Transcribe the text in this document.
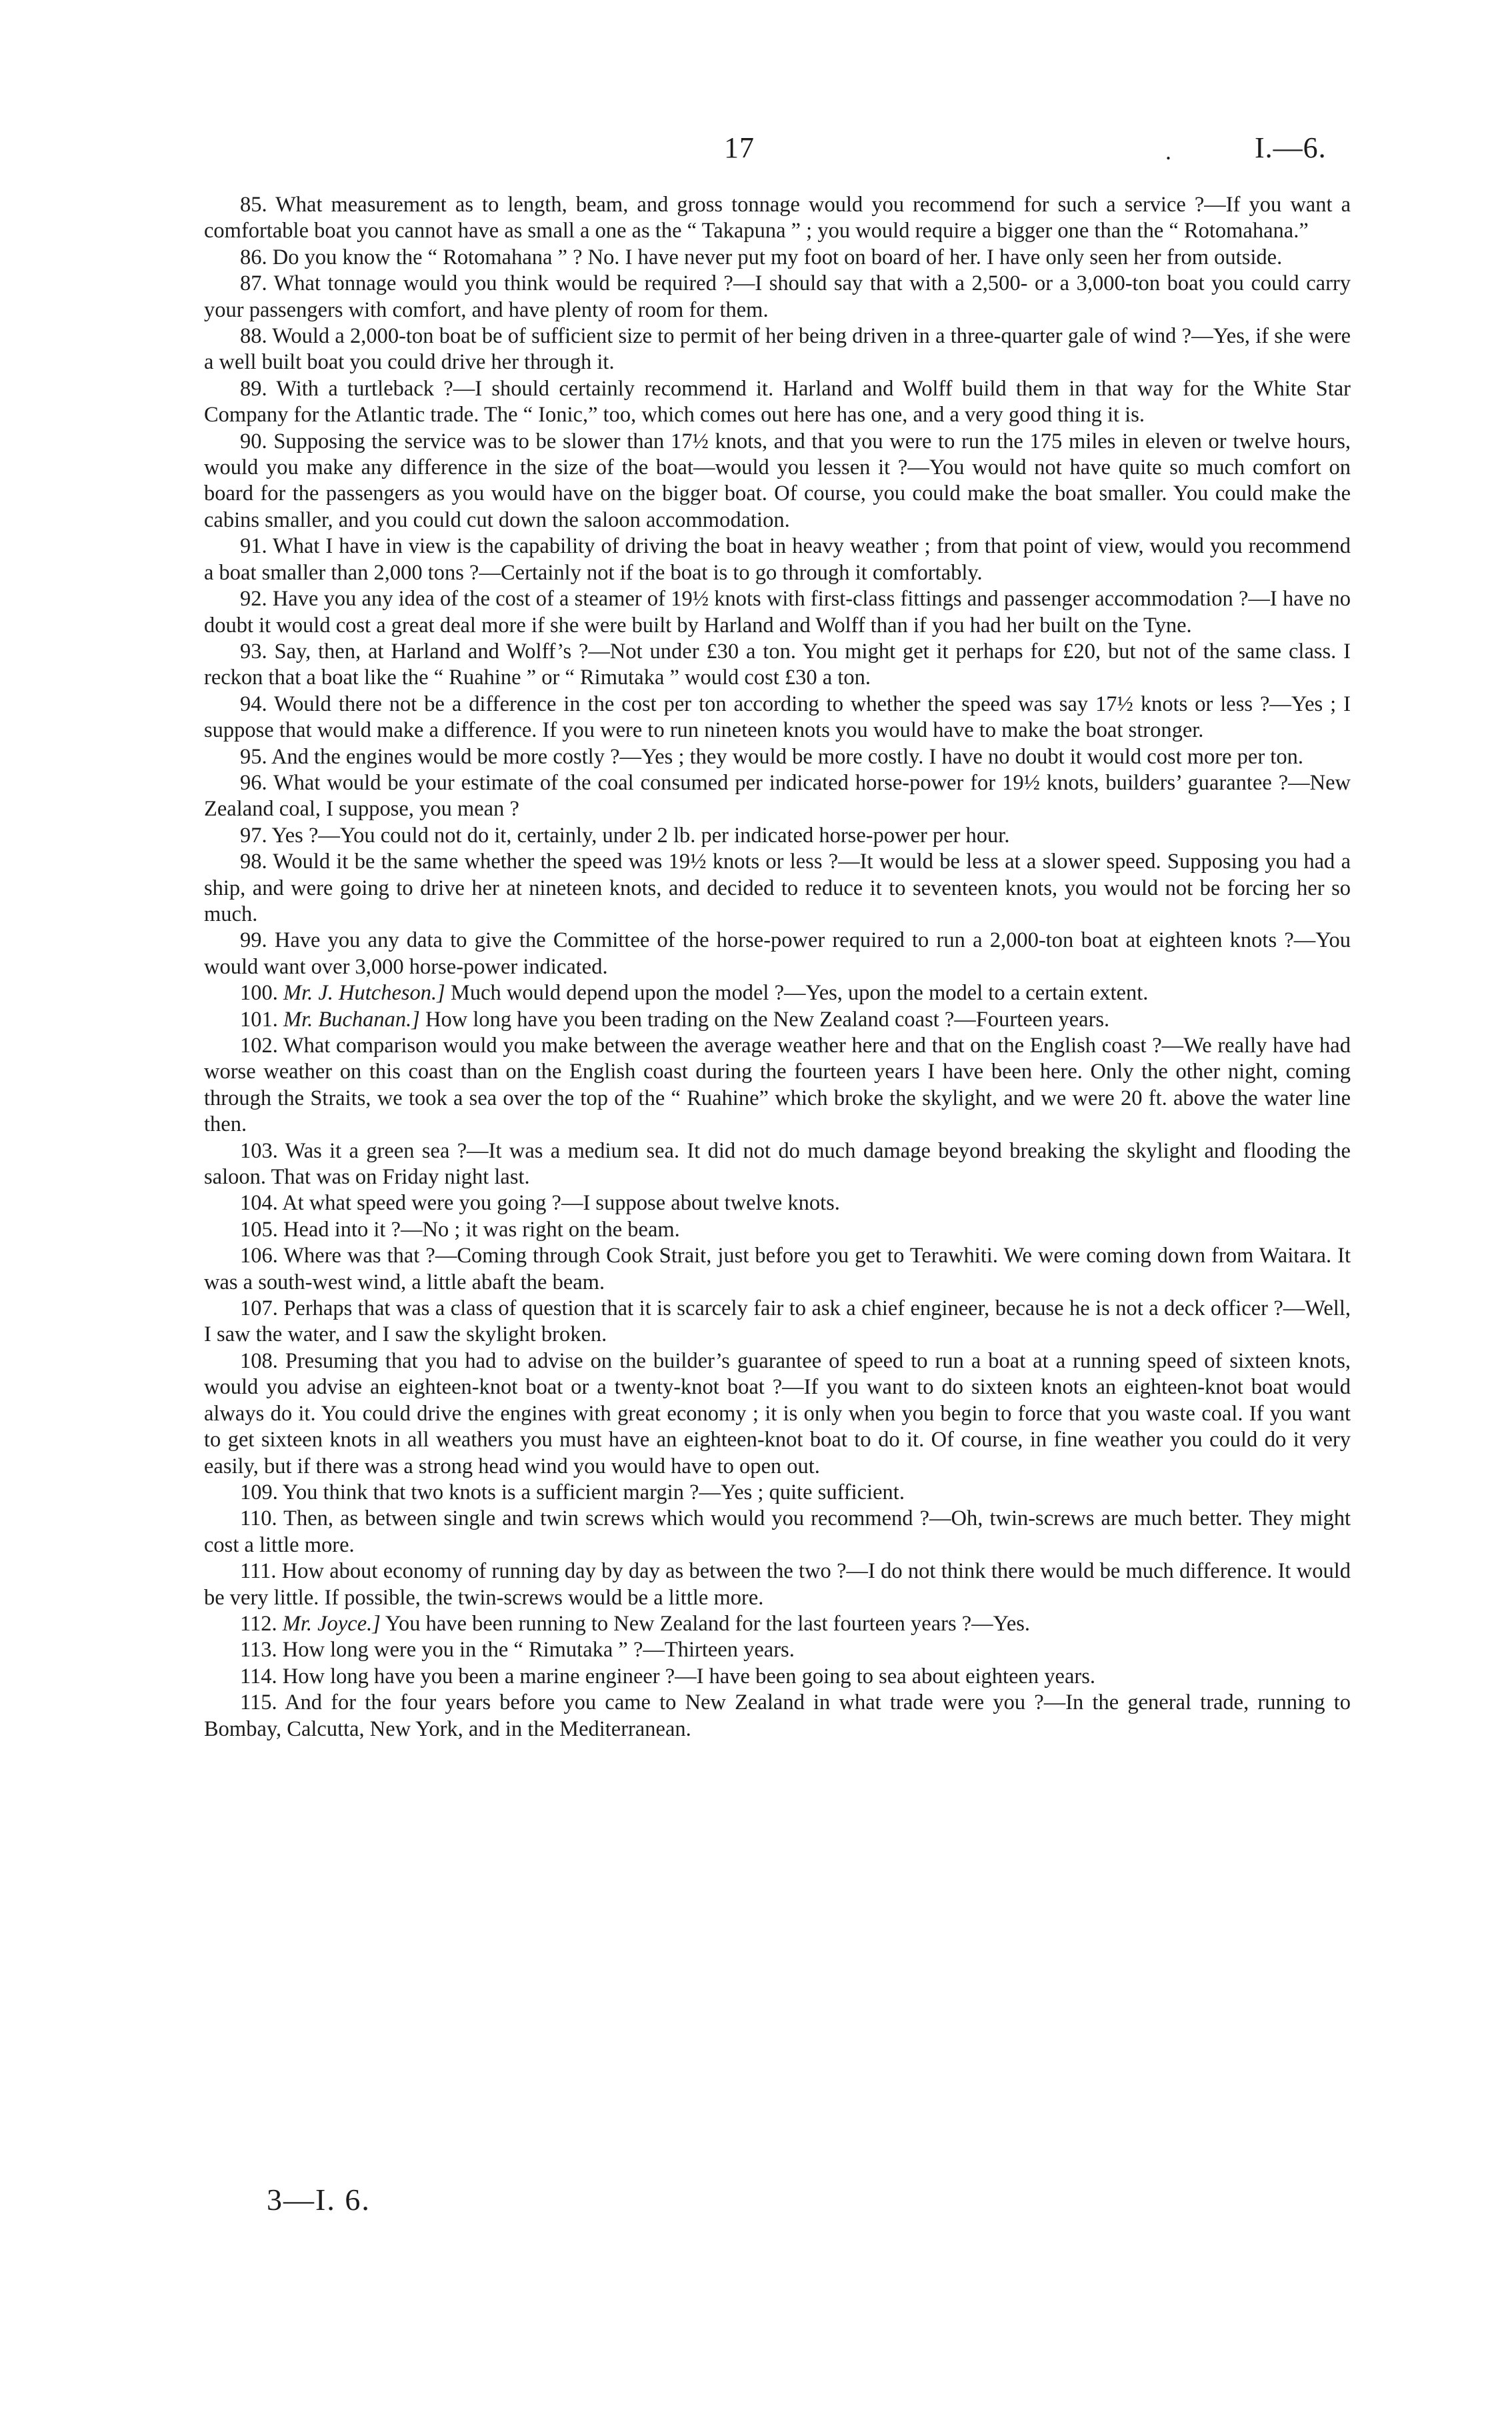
17	.	I.—6.

85. What measurement as to length, beam, and gross tonnage would you recommend for such a service ?—If you want a comfortable boat you cannot have as small a one as the “ Takapuna ” ; you would require a bigger one than the “ Rotomahana.”

86. Do you know the “ Rotomahana ” ? No. I have never put my foot on board of her. I have only seen her from outside.

87. What tonnage would you think would be required ?—I should say that with a 2,500- or a 3,000-ton boat you could carry your passengers with comfort, and have plenty of room for them.

88. Would a 2,000-ton boat be of sufficient size to permit of her being driven in a three-quarter gale of wind ?—Yes, if she were a well built boat you could drive her through it.

89. With a turtleback ?—I should certainly recommend it. Harland and Wolff build them in that way for the White Star Company for the Atlantic trade. The “ Ionic,” too, which comes out here has one, and a very good thing it is.

90. Supposing the service was to be slower than 17½ knots, and that you were to run the 175 miles in eleven or twelve hours, would you make any difference in the size of the boat—would you lessen it ?—You would not have quite so much comfort on board for the passengers as you would have on the bigger boat. Of course, you could make the boat smaller. You could make the cabins smaller, and you could cut down the saloon accommodation.

91. What I have in view is the capability of driving the boat in heavy weather ; from that point of view, would you recommend a boat smaller than 2,000 tons ?—Certainly not if the boat is to go through it comfortably.

92. Have you any idea of the cost of a steamer of 19½ knots with first-class fittings and passenger accommodation ?—I have no doubt it would cost a great deal more if she were built by Harland and Wolff than if you had her built on the Tyne.

93. Say, then, at Harland and Wolff’s ?—Not under £30 a ton. You might get it perhaps for £20, but not of the same class. I reckon that a boat like the “ Ruahine ” or “ Rimutaka ” would cost £30 a ton.

94. Would there not be a difference in the cost per ton according to whether the speed was say 17½ knots or less ?—Yes ; I suppose that would make a difference. If you were to run nineteen knots you would have to make the boat stronger.

95. And the engines would be more costly ?—Yes ; they would be more costly. I have no doubt it would cost more per ton.

96. What would be your estimate of the coal consumed per indicated horse-power for 19½ knots, builders’ guarantee ?—New Zealand coal, I suppose, you mean ?

97. Yes ?—You could not do it, certainly, under 2 lb. per indicated horse-power per hour.

98. Would it be the same whether the speed was 19½ knots or less ?—It would be less at a slower speed. Supposing you had a ship, and were going to drive her at nineteen knots, and decided to reduce it to seventeen knots, you would not be forcing her so much.

99. Have you any data to give the Committee of the horse-power required to run a 2,000-ton boat at eighteen knots ?—You would want over 3,000 horse-power indicated.

100. Mr. J. Hutcheson.] Much would depend upon the model ?—Yes, upon the model to a certain extent.

101. Mr. Buchanan.] How long have you been trading on the New Zealand coast ?—Fourteen years.

102. What comparison would you make between the average weather here and that on the English coast ?—We really have had worse weather on this coast than on the English coast during the fourteen years I have been here. Only the other night, coming through the Straits, we took a sea over the top of the “ Ruahine” which broke the skylight, and we were 20 ft. above the water line then.

103. Was it a green sea ?—It was a medium sea. It did not do much damage beyond breaking the skylight and flooding the saloon. That was on Friday night last.

104. At what speed were you going ?—I suppose about twelve knots.

105. Head into it ?—No ; it was right on the beam.

106. Where was that ?—Coming through Cook Strait, just before you get to Terawhiti. We were coming down from Waitara. It was a south-west wind, a little abaft the beam.

107. Perhaps that was a class of question that it is scarcely fair to ask a chief engineer, because he is not a deck officer ?—Well, I saw the water, and I saw the skylight broken.

108. Presuming that you had to advise on the builder’s guarantee of speed to run a boat at a running speed of sixteen knots, would you advise an eighteen-knot boat or a twenty-knot boat ?—If you want to do sixteen knots an eighteen-knot boat would always do it. You could drive the engines with great economy ; it is only when you begin to force that you waste coal. If you want to get sixteen knots in all weathers you must have an eighteen-knot boat to do it. Of course, in fine weather you could do it very easily, but if there was a strong head wind you would have to open out.

109. You think that two knots is a sufficient margin ?—Yes ; quite sufficient.

110. Then, as between single and twin screws which would you recommend ?—Oh, twin-screws are much better. They might cost a little more.

111. How about economy of running day by day as between the two ?—I do not think there would be much difference. It would be very little. If possible, the twin-screws would be a little more.

112. Mr. Joyce.] You have been running to New Zealand for the last fourteen years ?—Yes.

113. How long were you in the “ Rimutaka ” ?—Thirteen years.

114. How long have you been a marine engineer ?—I have been going to sea about eighteen years.

115. And for the four years before you came to New Zealand in what trade were you ?—In the general trade, running to Bombay, Calcutta, New York, and in the Mediterranean.

3—I. 6.
